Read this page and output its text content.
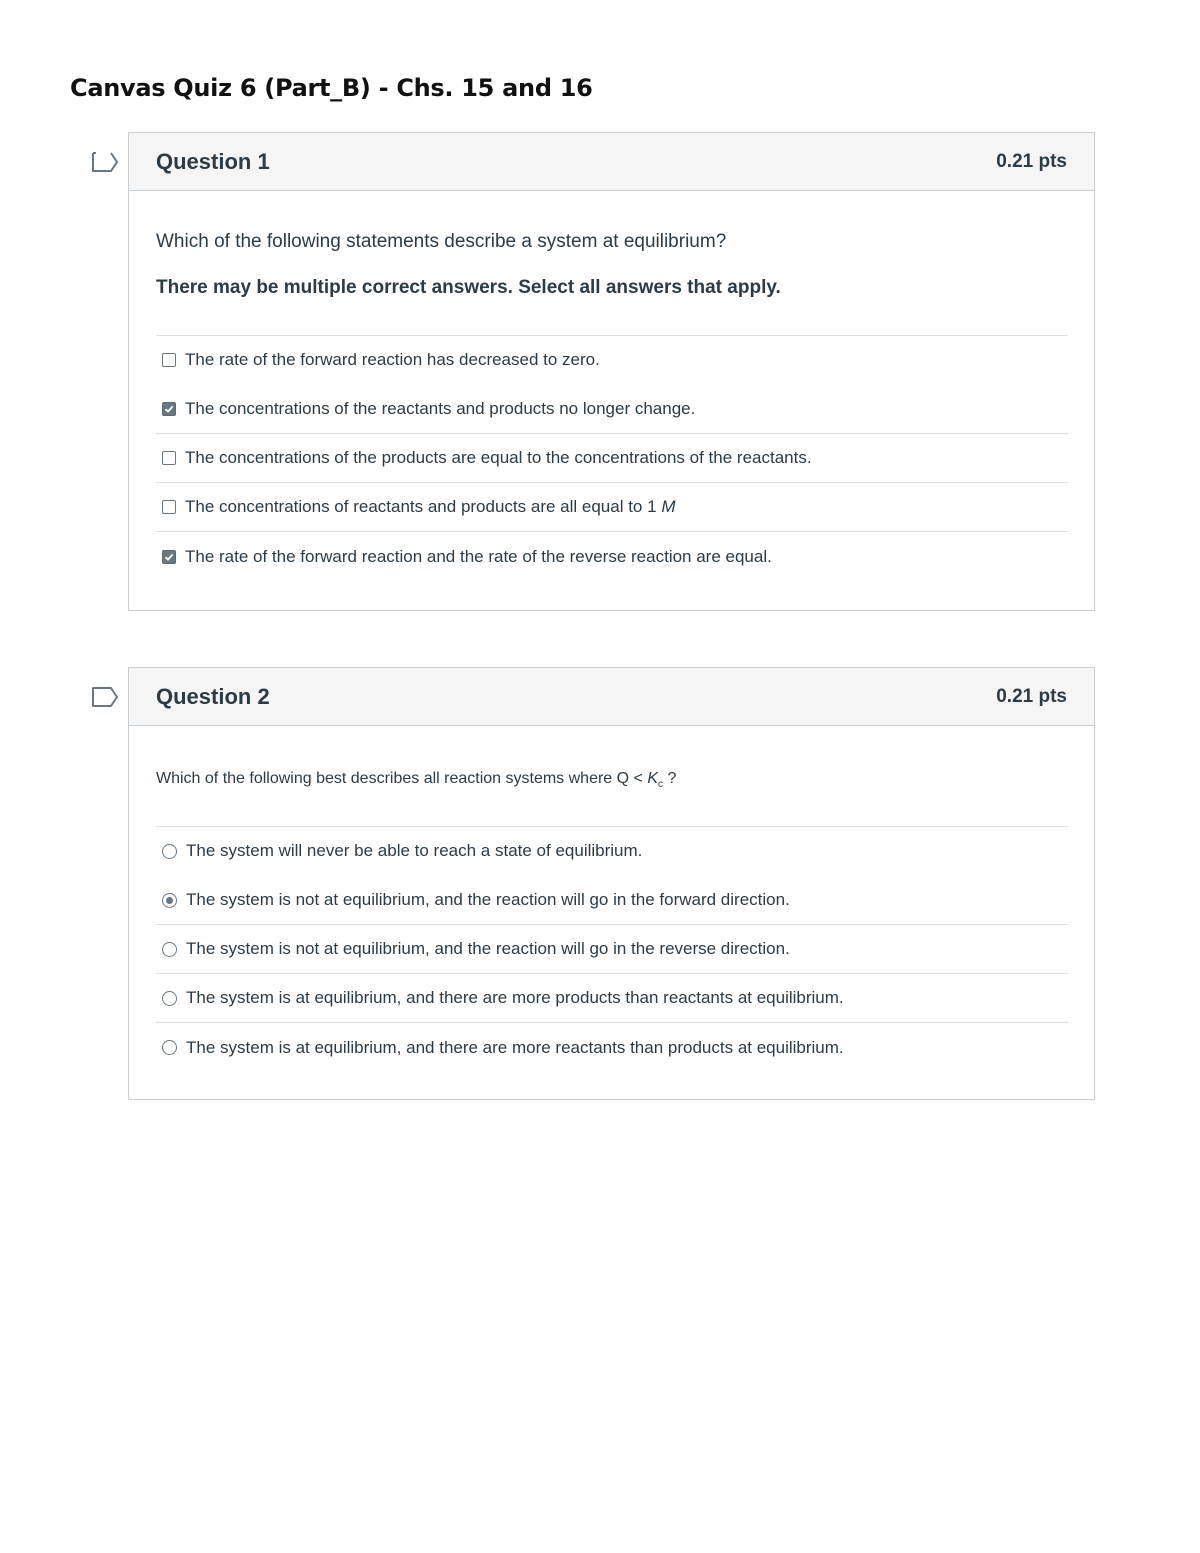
Canvas Quiz 6 (Part_B) - Chs. 15 and 16
Question 1	0.21 pts

Which of the following statements describe a system at equilibrium?

There may be multiple correct answers. Select all answers that apply.

The rate of the forward reaction has decreased to zero.
The concentrations of the reactants and products no longer change.
The concentrations of the products are equal to the concentrations of the reactants.
The concentrations of reactants and products are all equal to 1 M
The rate of the forward reaction and the rate of the reverse reaction are equal.
Question 2	0.21 pts

Which of the following best describes all reaction systems where $Q < K_c$ ?

The system will never be able to reach a state of equilibrium.
The system is not at equilibrium, and the reaction will go in the forward direction.
The system is not at equilibrium, and the reaction will go in the reverse direction.
The system is at equilibrium, and there are more products than reactants at equilibrium.
The system is at equilibrium, and there are more reactants than products at equilibrium.
